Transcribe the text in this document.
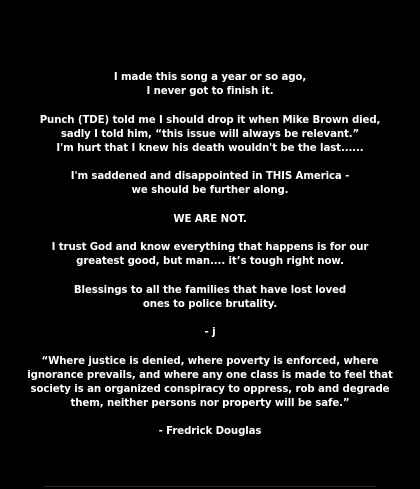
I made this song a year or so ago,
I never got to finish it.

Punch (TDE) told me I should drop it when Mike Brown died,
sadly I told him, “this issue will always be relevant.”
I'm hurt that I knew his death wouldn't be the last......

I'm saddened and disappointed in THIS America -
we should be further along.

WE ARE NOT.

I trust God and know everything that happens is for our
greatest good, but man.... it’s tough right now.

Blessings to all the families that have lost loved
ones to police brutality.

- j

“Where justice is denied, where poverty is enforced, where
ignorance prevails, and where any one class is made to feel that
society is an organized conspiracy to oppress, rob and degrade
them, neither persons nor property will be safe.”

- Fredrick Douglas
